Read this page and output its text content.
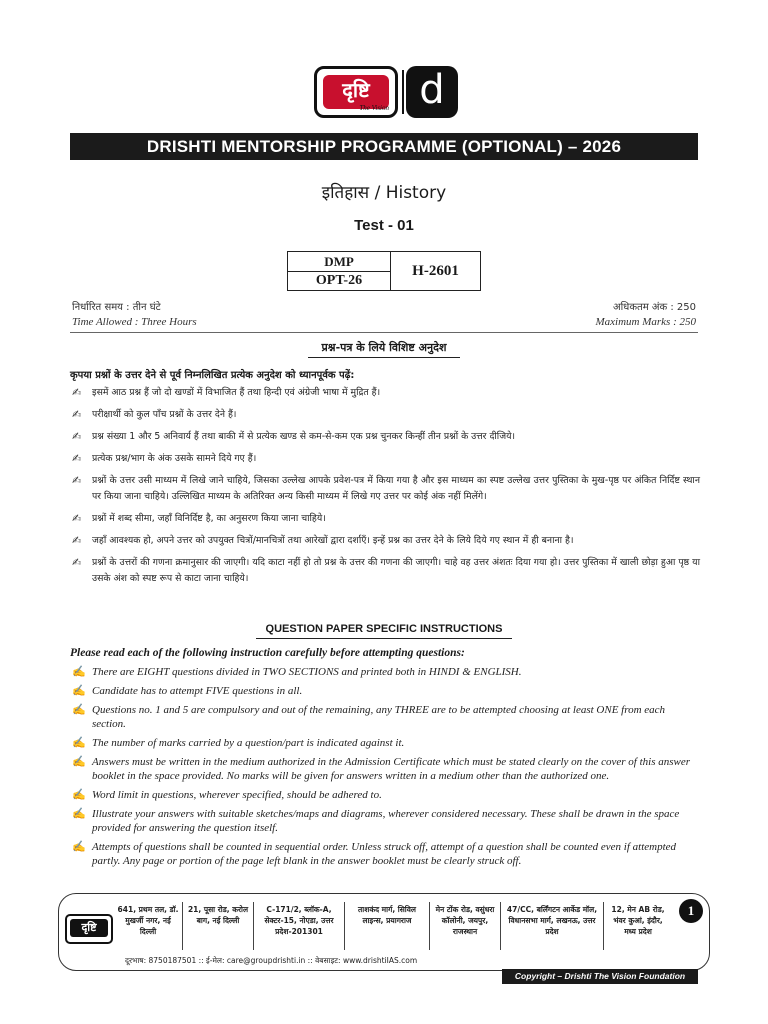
दृष्टि
The Vision d
DRISHTI MENTORSHIP PROGRAMME (OPTIONAL) – 2026
इतिहास / History
Test - 01
DMP
OPT-26
H-2601
निर्धारित समय : तीन घंटे
Time Allowed : Three Hours
अधिकतम अंक : 250
Maximum Marks : 250
प्रश्न-पत्र के लिये विशिष्ट अनुदेश
कृपया प्रश्नों के उत्तर देने से पूर्व निम्नलिखित प्रत्येक अनुदेश को ध्यानपूर्वक पढ़ें:
✍ इसमें आठ प्रश्न हैं जो दो खण्डों में विभाजित हैं तथा हिन्दी एवं अंग्रेजी भाषा में मुद्रित हैं।
✍ परीक्षार्थी को कुल पाँच प्रश्नों के उत्तर देने हैं।
✍ प्रश्न संख्या 1 और 5 अनिवार्य हैं तथा बाकी में से प्रत्येक खण्ड से कम-से-कम एक प्रश्न चुनकर किन्हीं तीन प्रश्नों के उत्तर दीजिये।
✍ प्रत्येक प्रश्न/भाग के अंक उसके सामने दिये गए हैं।
✍ प्रश्नों के उत्तर उसी माध्यम में लिखे जाने चाहिये, जिसका उल्लेख आपके प्रवेश-पत्र में किया गया है और इस माध्यम का स्पष्ट उल्लेख उत्तर पुस्तिका के मुख-पृष्ठ पर अंकित निर्दिष्ट स्थान पर किया जाना चाहिये। उल्लिखित माध्यम के अतिरिक्त अन्य किसी माध्यम में लिखे गए उत्तर पर कोई अंक नहीं मिलेंगे।
✍ प्रश्नों में शब्द सीमा, जहाँ विनिर्दिष्ट है, का अनुसरण किया जाना चाहिये।
✍ जहाँ आवश्यक हो, अपने उत्तर को उपयुक्त चित्रों/मानचित्रों तथा आरेखों द्वारा दर्शाएँ। इन्हें प्रश्न का उत्तर देने के लिये दिये गए स्थान में ही बनाना है।
✍ प्रश्नों के उत्तरों की गणना क्रमानुसार की जाएगी। यदि काटा नहीं हो तो प्रश्न के उत्तर की गणना की जाएगी। चाहे वह उत्तर अंशतः दिया गया हो। उत्तर पुस्तिका में खाली छोड़ा हुआ पृष्ठ या उसके अंश को स्पष्ट रूप से काटा जाना चाहिये।
QUESTION PAPER SPECIFIC INSTRUCTIONS
Please read each of the following instruction carefully before attempting questions:
✍ There are EIGHT questions divided in TWO SECTIONS and printed both in HINDI & ENGLISH.
✍ Candidate has to attempt FIVE questions in all.
✍ Questions no. 1 and 5 are compulsory and out of the remaining, any THREE are to be attempted choosing at least ONE from each section.
✍ The number of marks carried by a question/part is indicated against it.
✍ Answers must be written in the medium authorized in the Admission Certificate which must be stated clearly on the cover of this answer booklet in the space provided. No marks will be given for answers written in a medium other than the authorized one.
✍ Word limit in questions, wherever specified, should be adhered to.
✍ Illustrate your answers with suitable sketches/maps and diagrams, wherever considered necessary. These shall be drawn in the space provided for answering the question itself.
✍ Attempts of questions shall be counted in sequential order. Unless struck off, attempt of a question shall be counted even if attempted partly. Any page or portion of the page left blank in the answer booklet must be clearly struck off.
दृष्टि
641, प्रथम तल, डॉ. मुखर्जी नगर, नई दिल्ली
21, पूसा रोड, करोल बाग, नई दिल्ली
C-171/2, ब्लॉक-A, सेक्टर-15, नोएडा, उत्तर प्रदेश-201301
ताशकंद मार्ग, सिविल लाइन्स, प्रयागराज
मेन टोंक रोड, वसुंधरा कॉलोनी, जयपुर, राजस्थान
47/CC, बर्लिंगटन आर्केड मॉल, विधानसभा मार्ग, लखनऊ, उत्तर प्रदेश
12, मेन AB रोड, भंवर कुआं, इंदौर, मध्य प्रदेश
दूरभाष: 8750187501 :: ई-मेल: care@groupdrishti.in :: वेबसाइट: www.drishtiIAS.com
1
Copyright – Drishti The Vision Foundation
